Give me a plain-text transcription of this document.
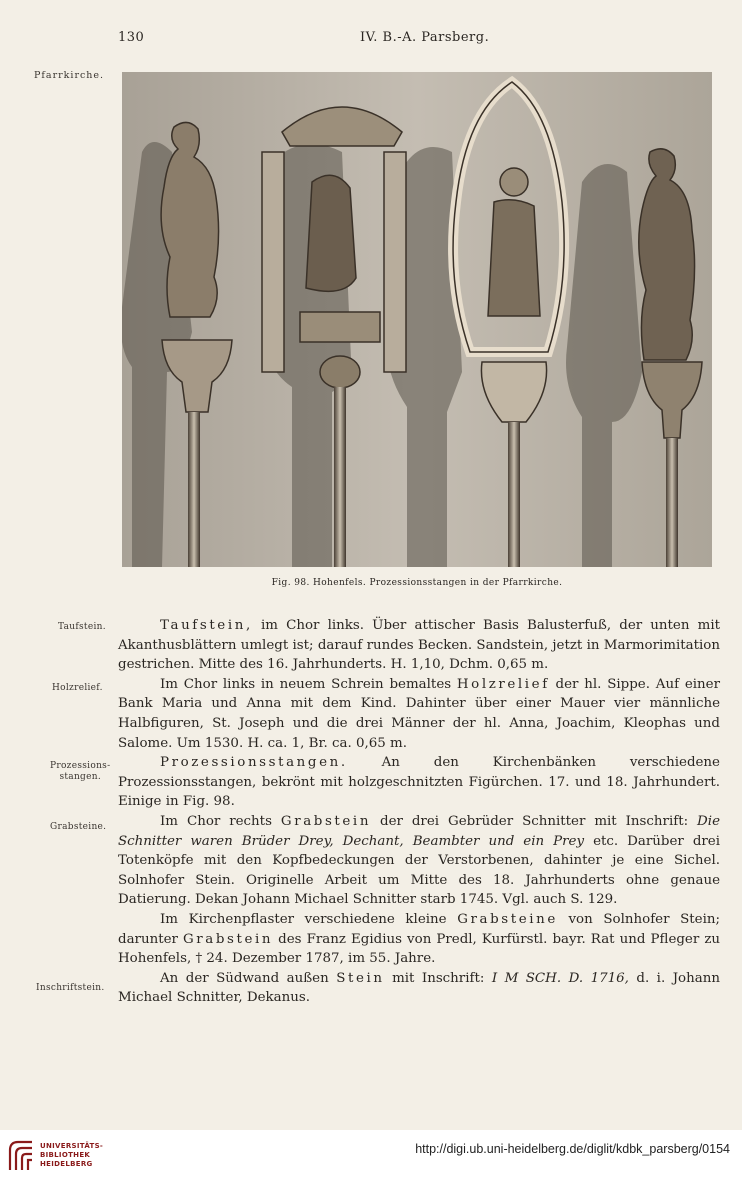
130	IV. B.-A. Parsberg.
Pfarrkirche.
Fig. 98. Hohenfels. Prozessionsstangen in der Pfarrkirche.
Taufstein.
Holzrelief.
Prozessions-
stangen.
Grabsteine.
Inschriftstein.

Taufstein, im Chor links. Über attischer Basis Balusterfuß, der unten mit Akanthusblättern umlegt ist; darauf rundes Becken. Sandstein, jetzt in Marmorimitation gestrichen. Mitte des 16. Jahrhunderts. H. 1,10, Dchm. 0,65 m.

Im Chor links in neuem Schrein bemaltes Holzrelief der hl. Sippe. Auf einer Bank Maria und Anna mit dem Kind. Dahinter über einer Mauer vier männliche Halbfiguren, St. Joseph und die drei Männer der hl. Anna, Joachim, Kleophas und Salome. Um 1530. H. ca. 1, Br. ca. 0,65 m.

Prozessionsstangen. An den Kirchenbänken verschiedene Prozessionsstangen, bekrönt mit holzgeschnitzten Figürchen. 17. und 18. Jahrhundert. Einige in Fig. 98.

Im Chor rechts Grabstein der drei Gebrüder Schnitter mit Inschrift: Die Schnitter waren Brüder Drey, Dechant, Beambter und ein Prey etc. Darüber drei Totenköpfe mit den Kopfbedeckungen der Verstorbenen, dahinter je eine Sichel. Solnhofer Stein. Originelle Arbeit um Mitte des 18. Jahrhunderts ohne genaue Datierung. Dekan Johann Michael Schnitter starb 1745. Vgl. auch S. 129.

Im Kirchenpflaster verschiedene kleine Grabsteine von Solnhofer Stein; darunter Grabstein des Franz Egidius von Predl, Kurfürstl. bayr. Rat und Pfleger zu Hohenfels, † 24. Dezember 1787, im 55. Jahre.

An der Südwand außen Stein mit Inschrift: I M SCH. D. 1716, d. i. Johann Michael Schnitter, Dekanus.

UNIVERSITÄTS-
BIBLIOTHEK
HEIDELBERG
http://digi.ub.uni-heidelberg.de/diglit/kdbk_parsberg/0154
